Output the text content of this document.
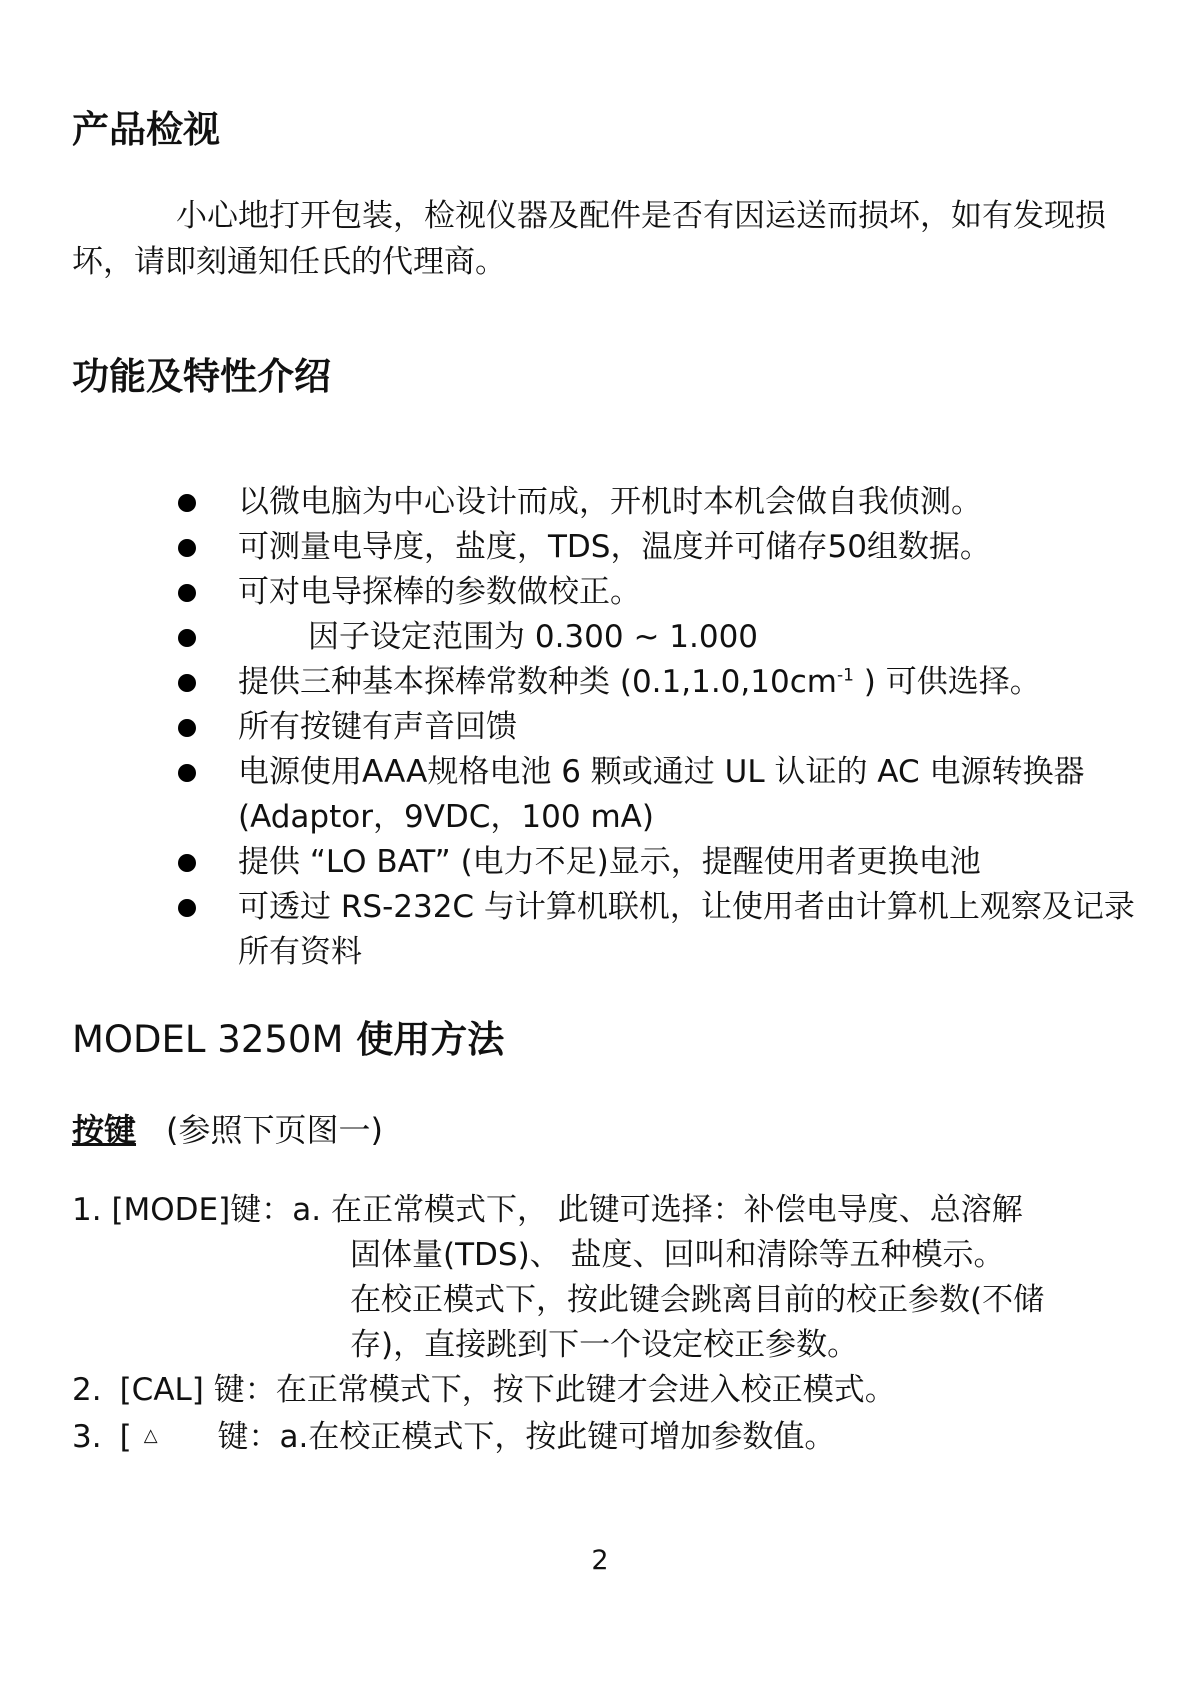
产品检视

小心地打开包装，检视仪器及配件是否有因运送而损坏，如有发现损坏，请即刻通知任氏的代理商。

功能及特性介绍
以微电脑为中心设计而成，开机时本机会做自我侦测。
可测量电导度，盐度，TDS，温度并可储存50组数据。
可对电导探棒的参数做校正。
因子设定范围为 0.300 ~ 1.000
提供三种基本探棒常数种类 ($0.1,1.0,10cm^{-1}$ ) 可供选择。
所有按键有声音回馈
电源使用AAA规格电池 6 颗或通过 UL 认证的 AC 电源转换器(Adaptor，9VDC，100 mA)
提供 “LO BAT” (电力不足)显示，提醒使用者更换电池
可透过 RS-232C 与计算机联机，让使用者由计算机上观察及记录所有资料
MODEL 3250M 使用方法

按键 (参照下页图一)

1. [MODE]键：a. 在正常模式下， 此键可选择：补偿电导度、总溶解
固体量(TDS)、 盐度、回叫和清除等五种模示。
在校正模式下，按此键会跳离目前的校正参数(不储
存)，直接跳到下一个设定校正参数。
2. [CAL] 键：在正常模式下，按下此键才会进入校正模式。
3. [ △ 键：a.在校正模式下，按此键可增加参数值。
2
